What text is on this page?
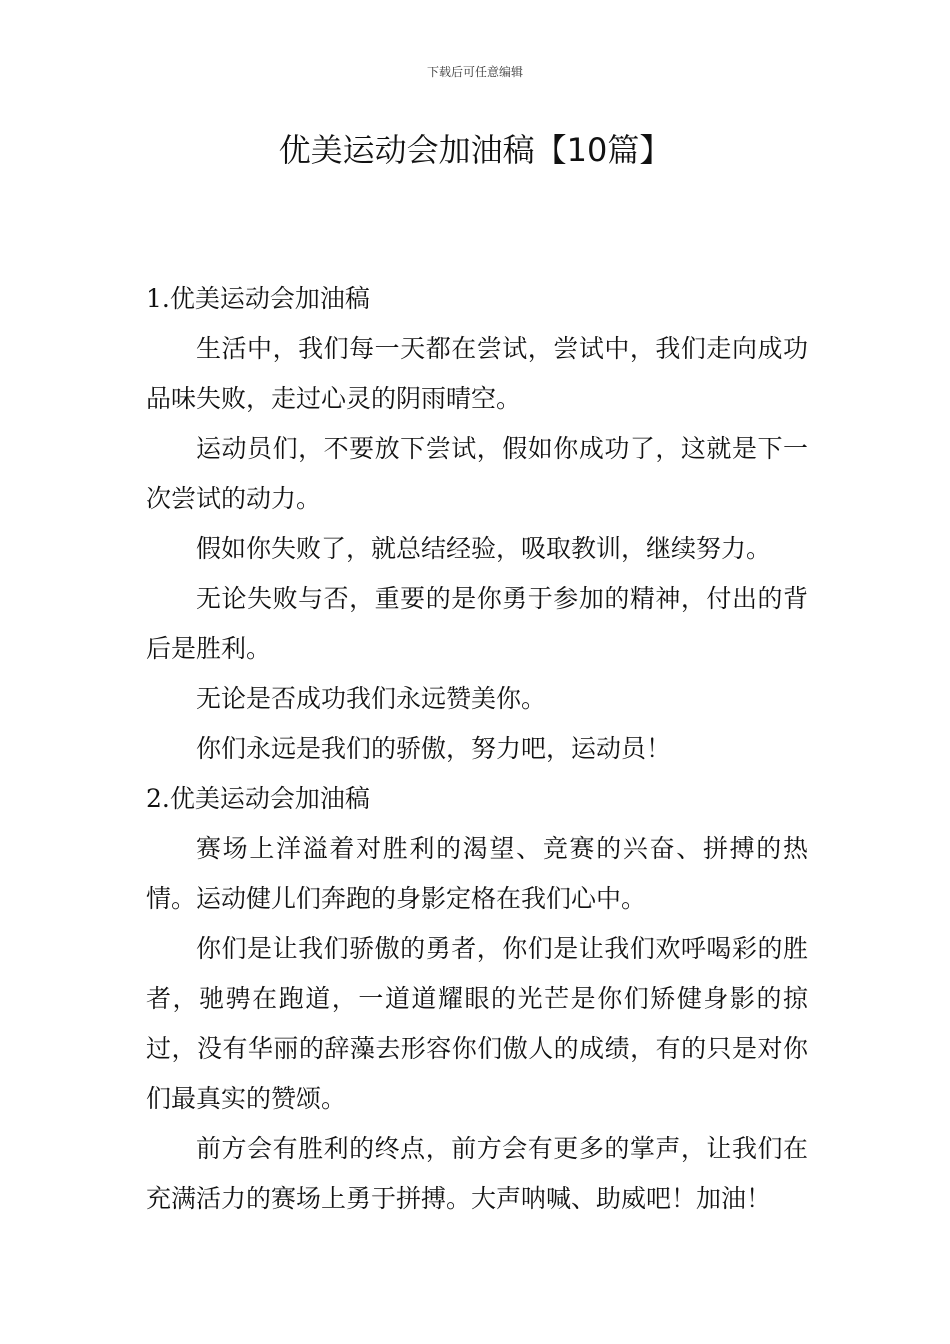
下载后可任意编辑
优美运动会加油稿【10篇】
1.优美运动会加油稿

生活中，我们每一天都在尝试，尝试中，我们走向成功品味失败，走过心灵的阴雨晴空。

运动员们，不要放下尝试，假如你成功了，这就是下一次尝试的动力。

假如你失败了，就总结经验，吸取教训，继续努力。

无论失败与否，重要的是你勇于参加的精神，付出的背后是胜利。

无论是否成功我们永远赞美你。

你们永远是我们的骄傲，努力吧，运动员！

2.优美运动会加油稿

赛场上洋溢着对胜利的渴望、竞赛的兴奋、拼搏的热情。运动健儿们奔跑的身影定格在我们心中。

你们是让我们骄傲的勇者，你们是让我们欢呼喝彩的胜者，驰骋在跑道，一道道耀眼的光芒是你们矫健身影的掠过，没有华丽的辞藻去形容你们傲人的成绩，有的只是对你们最真实的赞颂。

前方会有胜利的终点，前方会有更多的掌声，让我们在充满活力的赛场上勇于拼搏。大声呐喊、助威吧！加油！
